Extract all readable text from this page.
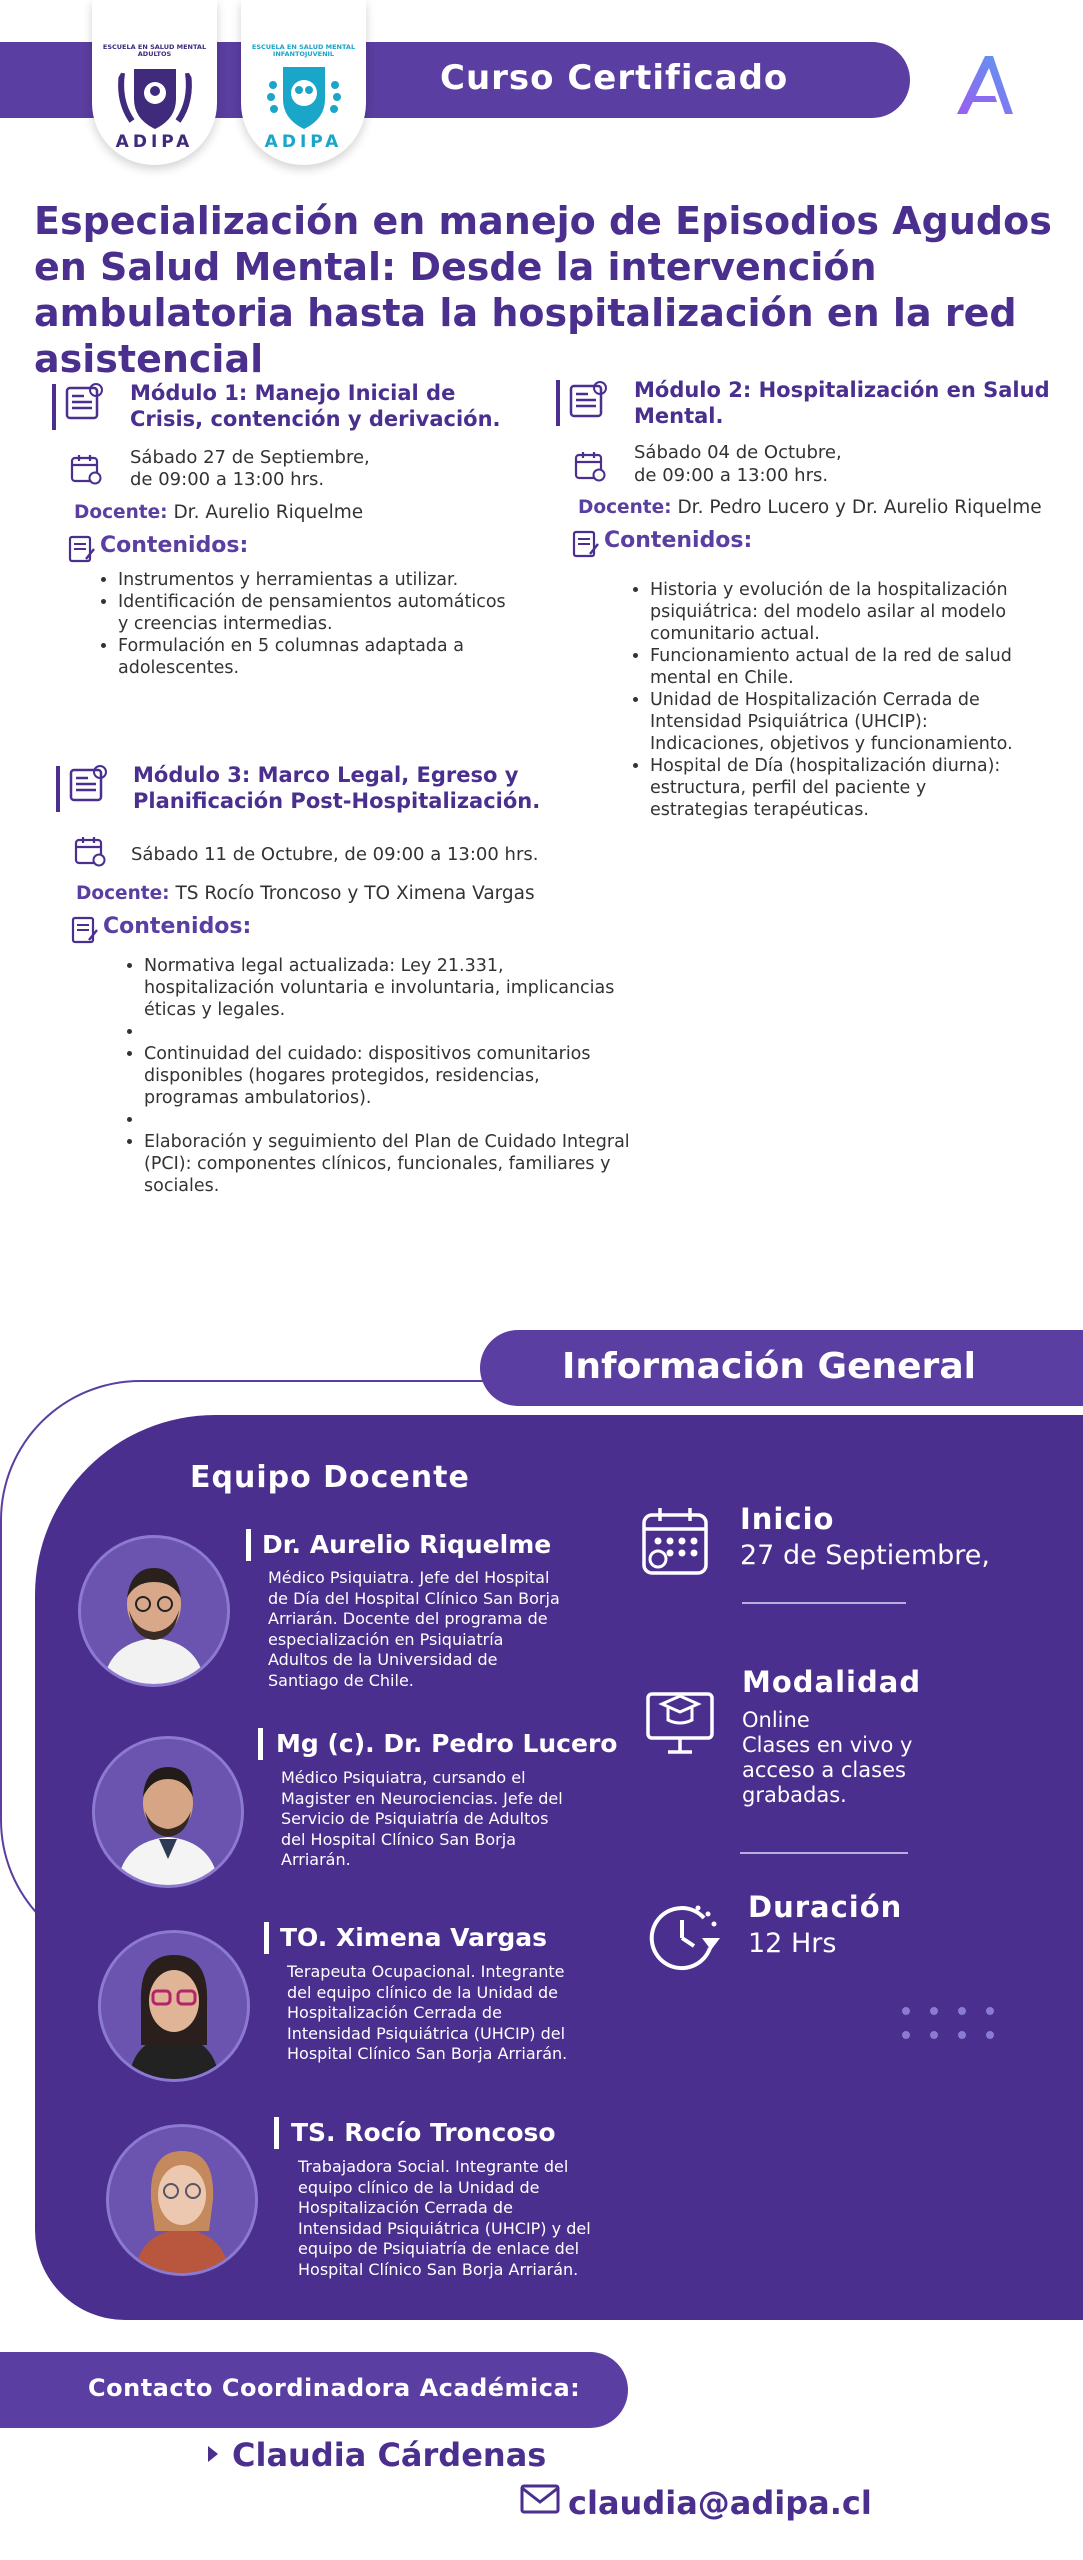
Curso Certificado
ESCUELA EN SALUD MENTAL ADULTOS
ADIPA
ESCUELA EN SALUD MENTAL INFANTOJUVENIL
ADIPA
Especialización en manejo de Episodios Agudos en Salud Mental: Desde la intervención ambulatoria hasta la hospitalización en la red asistencial
Módulo 1: Manejo Inicial de Crisis, contención y derivación.
Sábado 27 de Septiembre,
de 09:00 a 13:00 hrs.
Docente: Dr. Aurelio Riquelme
Contenidos:
• Instrumentos y herramientas a utilizar.
• Identificación de pensamientos automáticos y creencias intermedias.
• Formulación en 5 columnas adaptada a adolescentes.
Módulo 2: Hospitalización en Salud Mental.
Sábado 04 de Octubre,
de 09:00 a 13:00 hrs.
Docente: Dr. Pedro Lucero y Dr. Aurelio Riquelme
Contenidos:
• Historia y evolución de la hospitalización psiquiátrica: del modelo asilar al modelo comunitario actual.
• Funcionamiento actual de la red de salud mental en Chile.
• Unidad de Hospitalización Cerrada de Intensidad Psiquiátrica (UHCIP): Indicaciones, objetivos y funcionamiento.
• Hospital de Día (hospitalización diurna): estructura, perfil del paciente y estrategias terapéuticas.
Módulo 3: Marco Legal, Egreso y Planificación Post-Hospitalización.
Sábado 11 de Octubre, de 09:00 a 13:00 hrs.
Docente: TS Rocío Troncoso y TO Ximena Vargas
Contenidos:
• Normativa legal actualizada: Ley 21.331, hospitalización voluntaria e involuntaria, implicancias éticas y legales.
•
• Continuidad del cuidado: dispositivos comunitarios disponibles (hogares protegidos, residencias, programas ambulatorios).
•
• Elaboración y seguimiento del Plan de Cuidado Integral (PCI): componentes clínicos, funcionales, familiares y sociales.
Información General
Equipo Docente
Dr. Aurelio Riquelme
Médico Psiquiatra. Jefe del Hospital de Día del Hospital Clínico San Borja Arriarán. Docente del programa de especialización en Psiquiatría Adultos de la Universidad de Santiago de Chile.
Mg (c). Dr. Pedro Lucero
Médico Psiquiatra, cursando el Magister en Neurociencias. Jefe del Servicio de Psiquiatría de Adultos del Hospital Clínico San Borja Arriarán.
TO. Ximena Vargas
Terapeuta Ocupacional. Integrante del equipo clínico de la Unidad de Hospitalización Cerrada de Intensidad Psiquiátrica (UHCIP) del Hospital Clínico San Borja Arriarán.
TS. Rocío Troncoso
Trabajadora Social. Integrante del equipo clínico de la Unidad de Hospitalización Cerrada de Intensidad Psiquiátrica (UHCIP) y del equipo de Psiquiatría de enlace del Hospital Clínico San Borja Arriarán.
Inicio
27 de Septiembre,
Modalidad
Online
Clases en vivo y
acceso a clases
grabadas.
Duración
12 Hrs
Contacto Coordinadora Académica:
Claudia Cárdenas
claudia@adipa.cl
